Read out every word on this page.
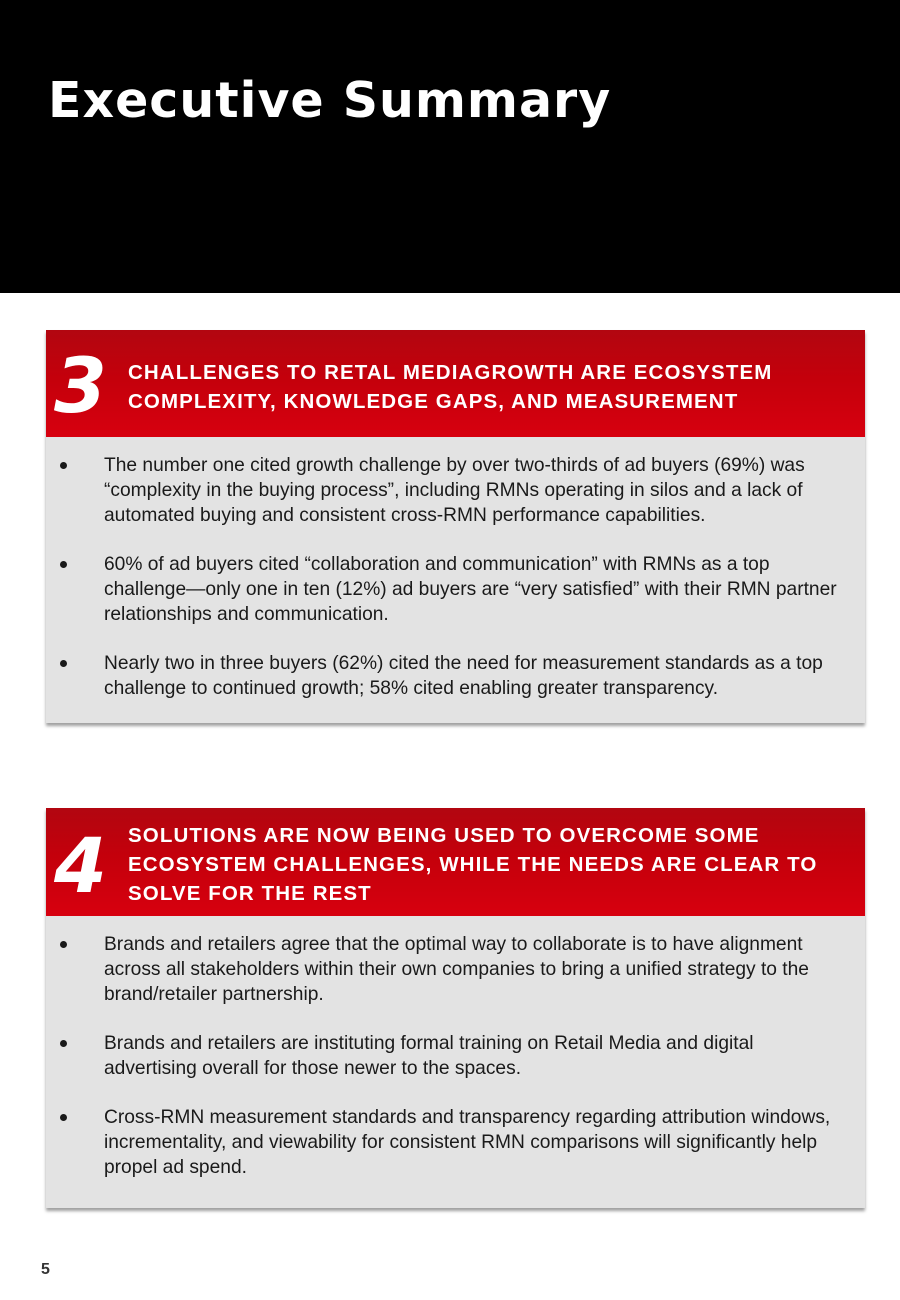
Executive Summary
3 CHALLENGES TO RETAL MEDIAGROWTH ARE ECOSYSTEM COMPLEXITY, KNOWLEDGE GAPS, AND MEASUREMENT
The number one cited growth challenge by over two-thirds of ad buyers (69%) was “complexity in the buying process”, including RMNs operating in silos and a lack of automated buying and consistent cross-RMN performance capabilities.
60% of ad buyers cited “collaboration and communication” with RMNs as a top challenge—only one in ten (12%) ad buyers are “very satisfied” with their RMN partner relationships and communication.
Nearly two in three buyers (62%) cited the need for measurement standards as a top challenge to continued growth; 58% cited enabling greater transparency.
4 SOLUTIONS ARE NOW BEING USED TO OVERCOME SOME ECOSYSTEM CHALLENGES, WHILE THE NEEDS ARE CLEAR TO SOLVE FOR THE REST
Brands and retailers agree that the optimal way to collaborate is to have alignment across all stakeholders within their own companies to bring a unified strategy to the brand/retailer partnership.
Brands and retailers are instituting formal training on Retail Media and digital advertising overall for those newer to the spaces.
Cross-RMN measurement standards and transparency regarding attribution windows, incrementality, and viewability for consistent RMN comparisons will significantly help propel ad spend.
5
